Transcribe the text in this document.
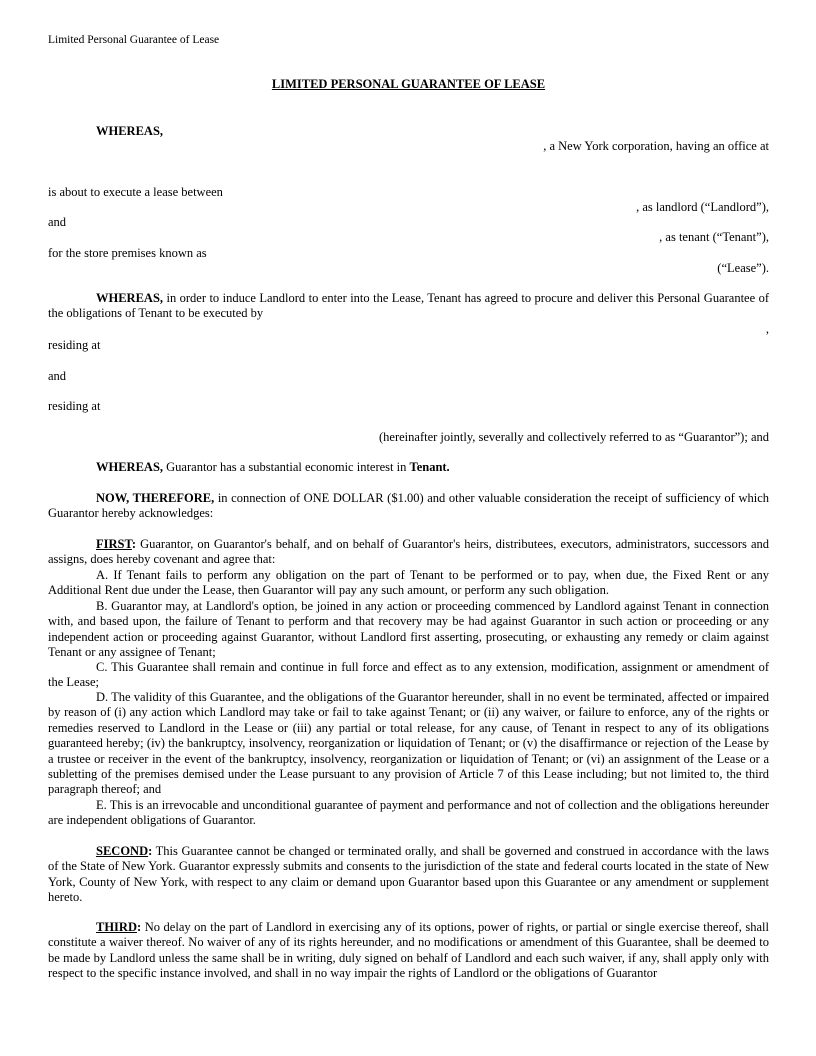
Limited Personal Guarantee of Lease
LIMITED PERSONAL GUARANTEE OF LEASE
WHEREAS,
, a New York corporation, having an office at
is about to execute a lease between
, as landlord (“Landlord”),
and
, as tenant (“Tenant”),
for the store premises known as
(“Lease”).
WHEREAS, in order to induce Landlord to enter into the Lease, Tenant has agreed to procure and deliver this Personal Guarantee of the obligations of Tenant to be executed by
,
residing at
and
residing at
(hereinafter jointly, severally and collectively referred to as “Guarantor”); and
WHEREAS, Guarantor has a substantial economic interest in Tenant.
NOW, THEREFORE, in connection of ONE DOLLAR ($1.00) and other valuable consideration the receipt of sufficiency of which Guarantor hereby acknowledges:
FIRST: Guarantor, on Guarantor's behalf, and on behalf of Guarantor's heirs, distributees, executors, administrators, successors and assigns, does hereby covenant and agree that:
A. If Tenant fails to perform any obligation on the part of Tenant to be performed or to pay, when due, the Fixed Rent or any Additional Rent due under the Lease, then Guarantor will pay any such amount, or perform any such obligation.
B. Guarantor may, at Landlord's option, be joined in any action or proceeding commenced by Landlord against Tenant in connection with, and based upon, the failure of Tenant to perform and that recovery may be had against Guarantor in such action or proceeding or any independent action or proceeding against Guarantor, without Landlord first asserting, prosecuting, or exhausting any remedy or claim against Tenant or any assignee of Tenant;
C. This Guarantee shall remain and continue in full force and effect as to any extension, modification, assignment or amendment of the Lease;
D. The validity of this Guarantee, and the obligations of the Guarantor hereunder, shall in no event be terminated, affected or impaired by reason of (i) any action which Landlord may take or fail to take against Tenant; or (ii) any waiver, or failure to enforce, any of the rights or remedies reserved to Landlord in the Lease or (iii) any partial or total release, for any cause, of Tenant in respect to any of its obligations guaranteed hereby; (iv) the bankruptcy, insolvency, reorganization or liquidation of Tenant; or (v) the disaffirmance or rejection of the Lease by a trustee or receiver in the event of the bankruptcy, insolvency, reorganization or liquidation of Tenant; or (vi) an assignment of the Lease or a subletting of the premises demised under the Lease pursuant to any provision of Article 7 of this Lease including; but not limited to, the third paragraph thereof; and
E. This is an irrevocable and unconditional guarantee of payment and performance and not of collection and the obligations hereunder are independent obligations of Guarantor.
SECOND: This Guarantee cannot be changed or terminated orally, and shall be governed and construed in accordance with the laws of the State of New York. Guarantor expressly submits and consents to the jurisdiction of the state and federal courts located in the state of New York, County of New York, with respect to any claim or demand upon Guarantor based upon this Guarantee or any amendment or supplement hereto.
THIRD: No delay on the part of Landlord in exercising any of its options, power of rights, or partial or single exercise thereof, shall constitute a waiver thereof. No waiver of any of its rights hereunder, and no modifications or amendment of this Guarantee, shall be deemed to be made by Landlord unless the same shall be in writing, duly signed on behalf of Landlord and each such waiver, if any, shall apply only with respect to the specific instance involved, and shall in no way impair the rights of Landlord or the obligations of Guarantor
